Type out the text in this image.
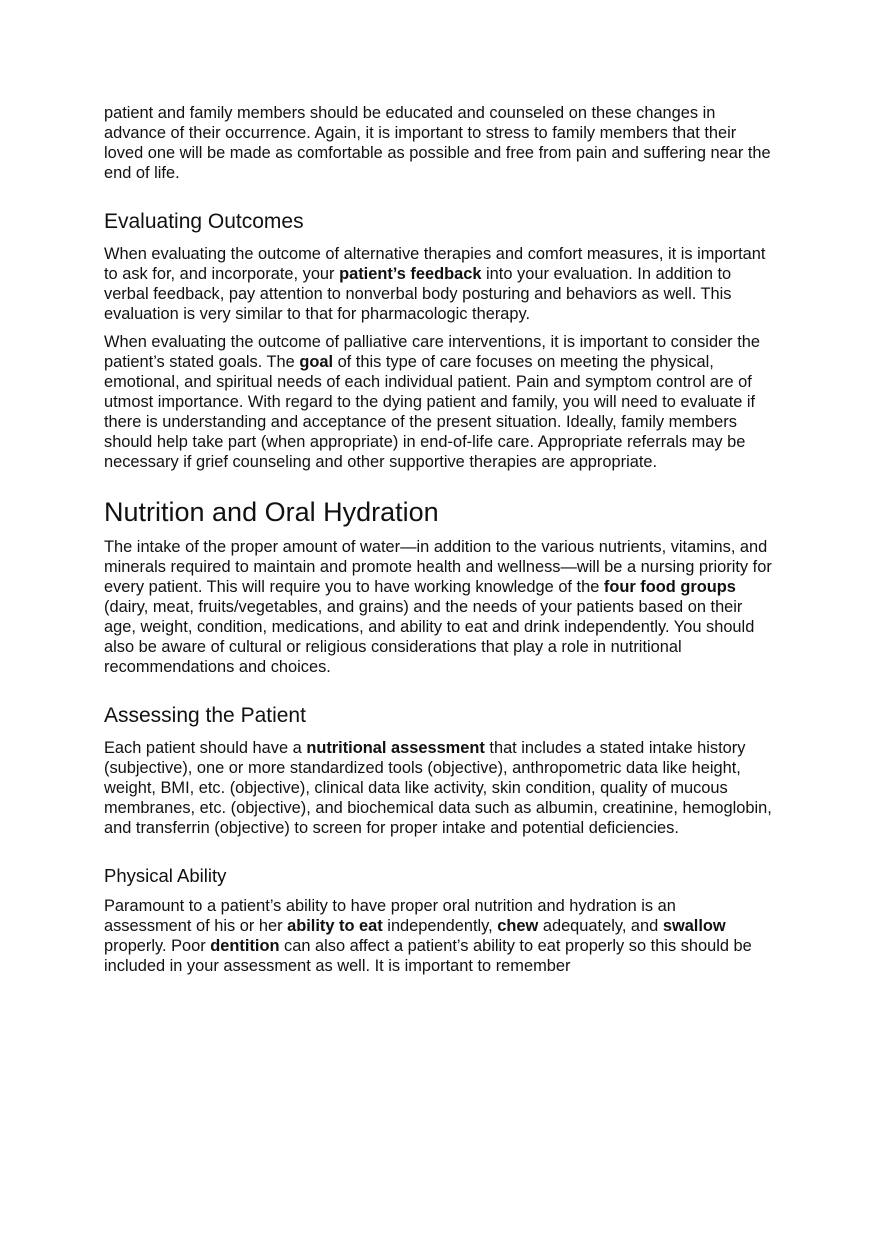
patient and family members should be educated and counseled on these changes in advance of their occurrence. Again, it is important to stress to family members that their loved one will be made as comfortable as possible and free from pain and suffering near the end of life.

Evaluating Outcomes

When evaluating the outcome of alternative therapies and comfort measures, it is important to ask for, and incorporate, your patient’s feedback into your evaluation. In addition to verbal feedback, pay attention to nonverbal body posturing and behaviors as well. This evaluation is very similar to that for pharmacologic therapy.

When evaluating the outcome of palliative care interventions, it is important to consider the patient’s stated goals. The goal of this type of care focuses on meeting the physical, emotional, and spiritual needs of each individual patient. Pain and symptom control are of utmost importance. With regard to the dying patient and family, you will need to evaluate if there is understanding and acceptance of the present situation. Ideally, family members should help take part (when appropriate) in end-of-life care. Appropriate referrals may be necessary if grief counseling and other supportive therapies are appropriate.

Nutrition and Oral Hydration

The intake of the proper amount of water—in addition to the various nutrients, vitamins, and minerals required to maintain and promote health and wellness—will be a nursing priority for every patient. This will require you to have working knowledge of the four food groups (dairy, meat, fruits/vegetables, and grains) and the needs of your patients based on their age, weight, condition, medications, and ability to eat and drink independently. You should also be aware of cultural or religious considerations that play a role in nutritional recommendations and choices.

Assessing the Patient

Each patient should have a nutritional assessment that includes a stated intake history (subjective), one or more standardized tools (objective), anthropometric data like height, weight, BMI, etc. (objective), clinical data like activity, skin condition, quality of mucous membranes, etc. (objective), and biochemical data such as albumin, creatinine, hemoglobin, and transferrin (objective) to screen for proper intake and potential deficiencies.

Physical Ability

Paramount to a patient’s ability to have proper oral nutrition and hydration is an assessment of his or her ability to eat independently, chew adequately, and swallow properly. Poor dentition can also affect a patient’s ability to eat properly so this should be included in your assessment as well. It is important to remember
